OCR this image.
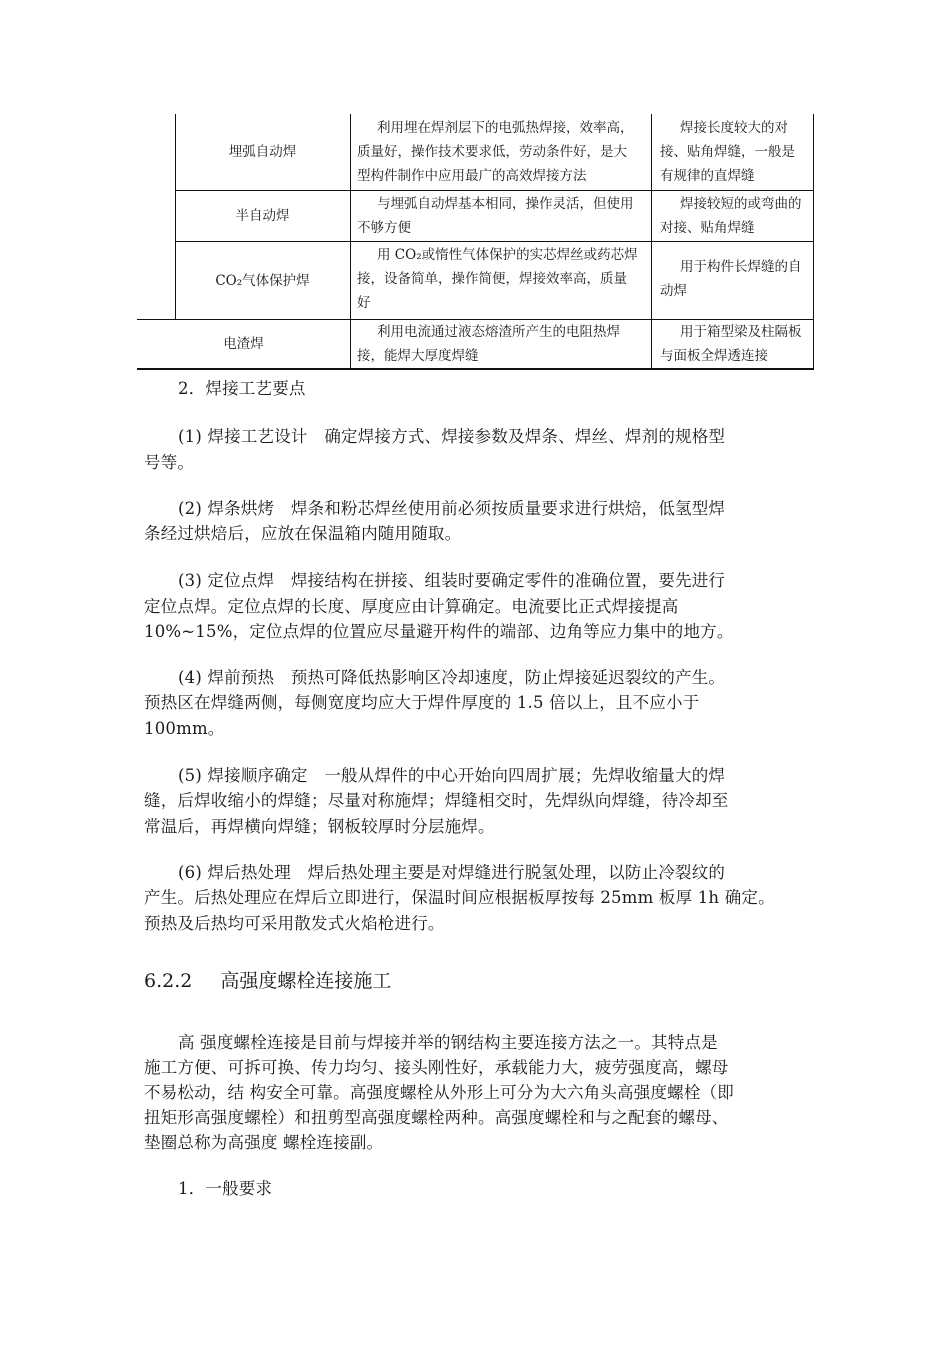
埋弧自动焊
利用埋在焊剂层下的电弧热焊接，效率高，
质量好，操作技术要求低，劳动条件好，是大
型构件制作中应用最广的高效焊接方法
焊接长度较大的对
接、贴角焊缝，一般是
有规律的直焊缝
半自动焊
与埋弧自动焊基本相同，操作灵活，但使用
不够方便
焊接较短的或弯曲的
对接、贴角焊缝
CO₂气体保护焊
用 CO₂或惰性气体保护的实芯焊丝或药芯焊
接，设备简单，操作简便，焊接效率高，质量
好
用于构件长焊缝的自
动焊
电渣焊
利用电流通过液态熔渣所产生的电阻热焊
接，能焊大厚度焊缝
用于箱型梁及柱隔板
与面板全焊透连接
2．焊接工艺要点
(1) 焊接工艺设计　确定焊接方式、焊接参数及焊条、焊丝、焊剂的规格型
号等。
(2) 焊条烘烤　焊条和粉芯焊丝使用前必须按质量要求进行烘焙，低氢型焊
条经过烘焙后，应放在保温箱内随用随取。
(3) 定位点焊　焊接结构在拼接、组装时要确定零件的准确位置，要先进行
定位点焊。定位点焊的长度、厚度应由计算确定。电流要比正式焊接提高
10%~15%，定位点焊的位置应尽量避开构件的端部、边角等应力集中的地方。
(4) 焊前预热　预热可降低热影响区冷却速度，防止焊接延迟裂纹的产生。
预热区在焊缝两侧，每侧宽度均应大于焊件厚度的 1.5 倍以上，且不应小于
100mm。
(5) 焊接顺序确定　一般从焊件的中心开始向四周扩展；先焊收缩量大的焊
缝，后焊收缩小的焊缝；尽量对称施焊；焊缝相交时，先焊纵向焊缝，待冷却至
常温后，再焊横向焊缝；钢板较厚时分层施焊。
(6) 焊后热处理　焊后热处理主要是对焊缝进行脱氢处理，以防止冷裂纹的
产生。后热处理应在焊后立即进行，保温时间应根据板厚按每 25mm 板厚 1h 确定。
预热及后热均可采用散发式火焰枪进行。
6.2.2 高强度螺栓连接施工
高 强度螺栓连接是目前与焊接并举的钢结构主要连接方法之一。其特点是
施工方便、可拆可换、传力均匀、接头刚性好，承载能力大，疲劳强度高，螺母
不易松动，结 构安全可靠。高强度螺栓从外形上可分为大六角头高强度螺栓（即
扭矩形高强度螺栓）和扭剪型高强度螺栓两种。高强度螺栓和与之配套的螺母、
垫圈总称为高强度 螺栓连接副。
1．一般要求
